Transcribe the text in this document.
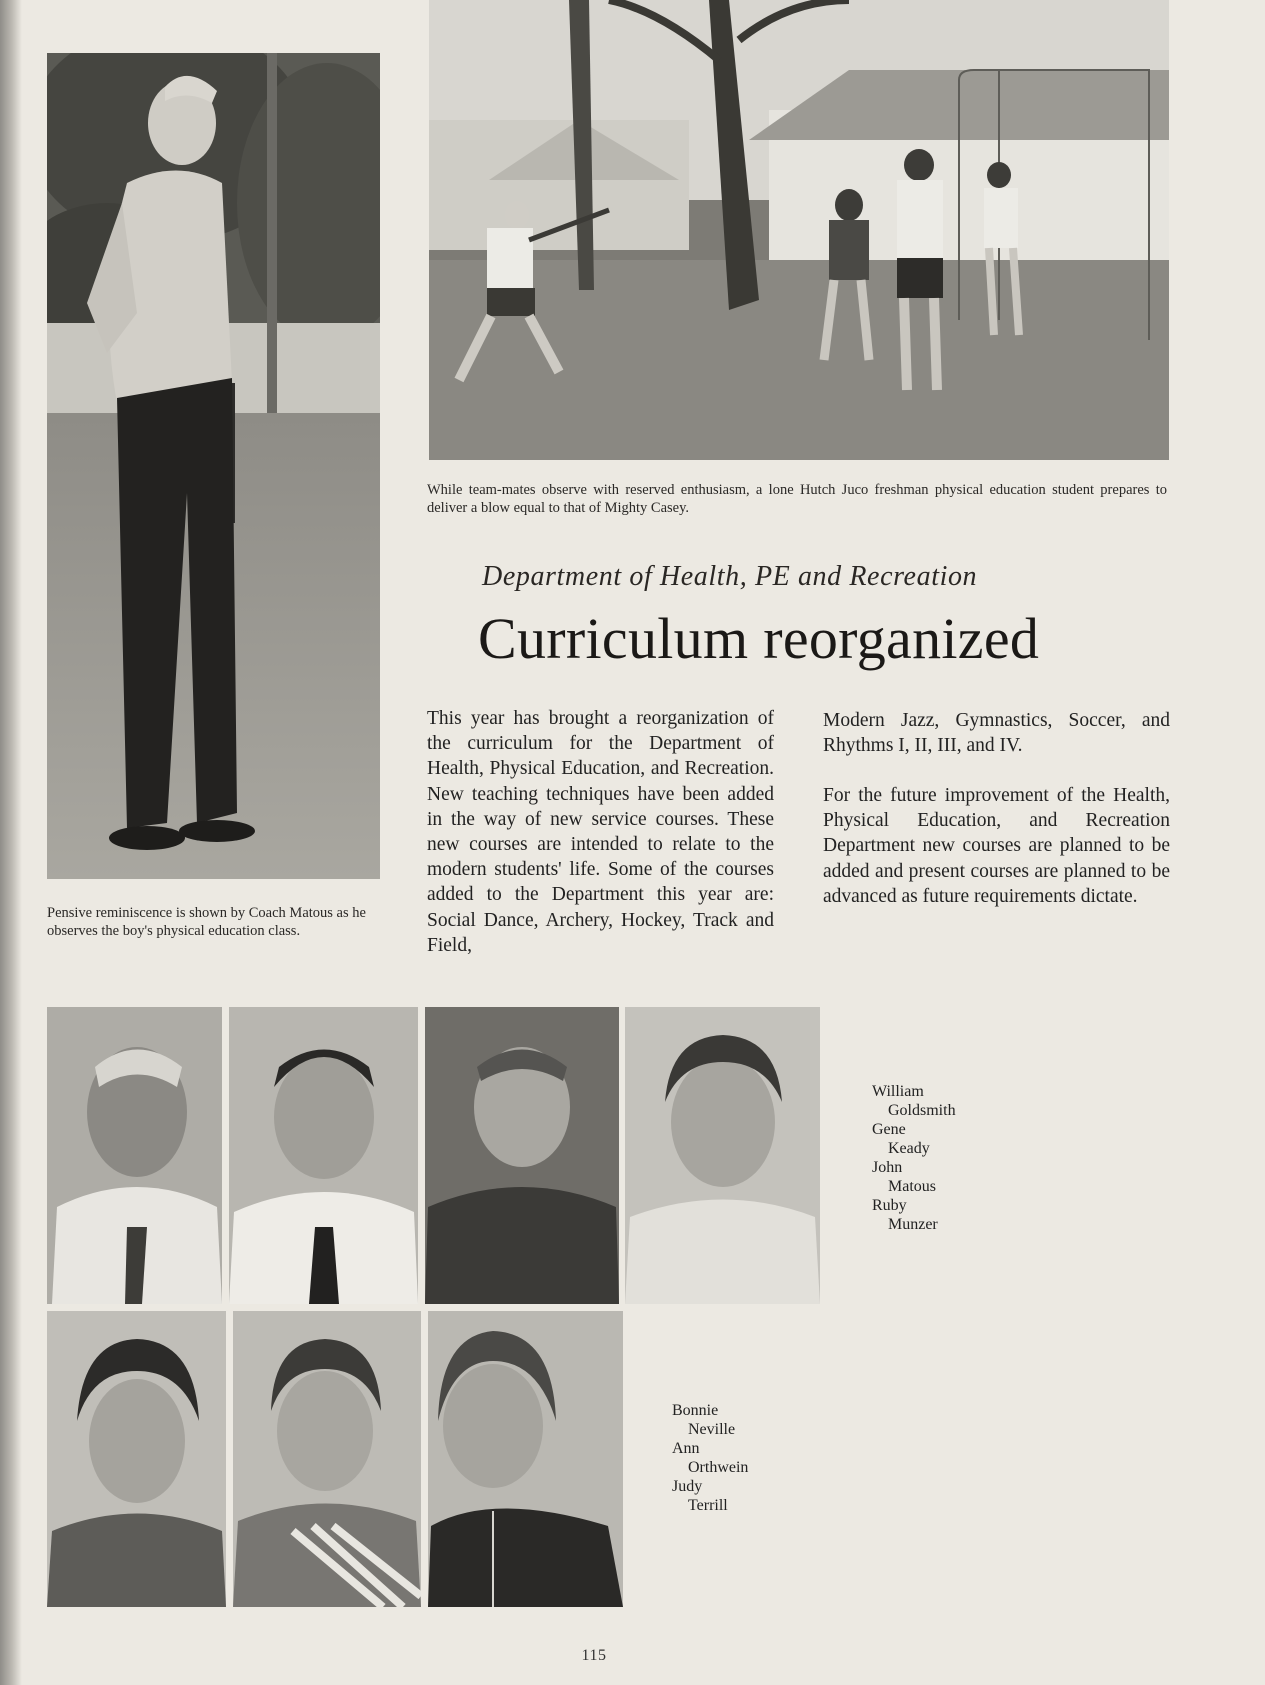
While team-mates observe with reserved enthusiasm, a lone Hutch Juco freshman physical education student prepares to deliver a blow equal to that of Mighty Casey.

Pensive reminiscence is shown by Coach Matous as he observes the boy's physical education class.

Department of Health, PE and Recreation

Curriculum reorganized

This year has brought a reorganization of the curriculum for the Department of Health, Physical Education, and Recreation. New teaching techniques have been added in the way of new service courses. These new courses are intended to relate to the modern students' life. Some of the courses added to the Department this year are: Social Dance, Archery, Hockey, Track and Field,

Modern Jazz, Gymnastics, Soccer, and Rhythms I, II, III, and IV.

For the future improvement of the Health, Physical Education, and Recreation Department new courses are planned to be added and present courses are planned to be advanced as future requirements dictate.

William
Goldsmith
Gene
Keady
John
Matous
Ruby
Munzer
Bonnie
Neville
Ann
Orthwein
Judy
Terrill
115
